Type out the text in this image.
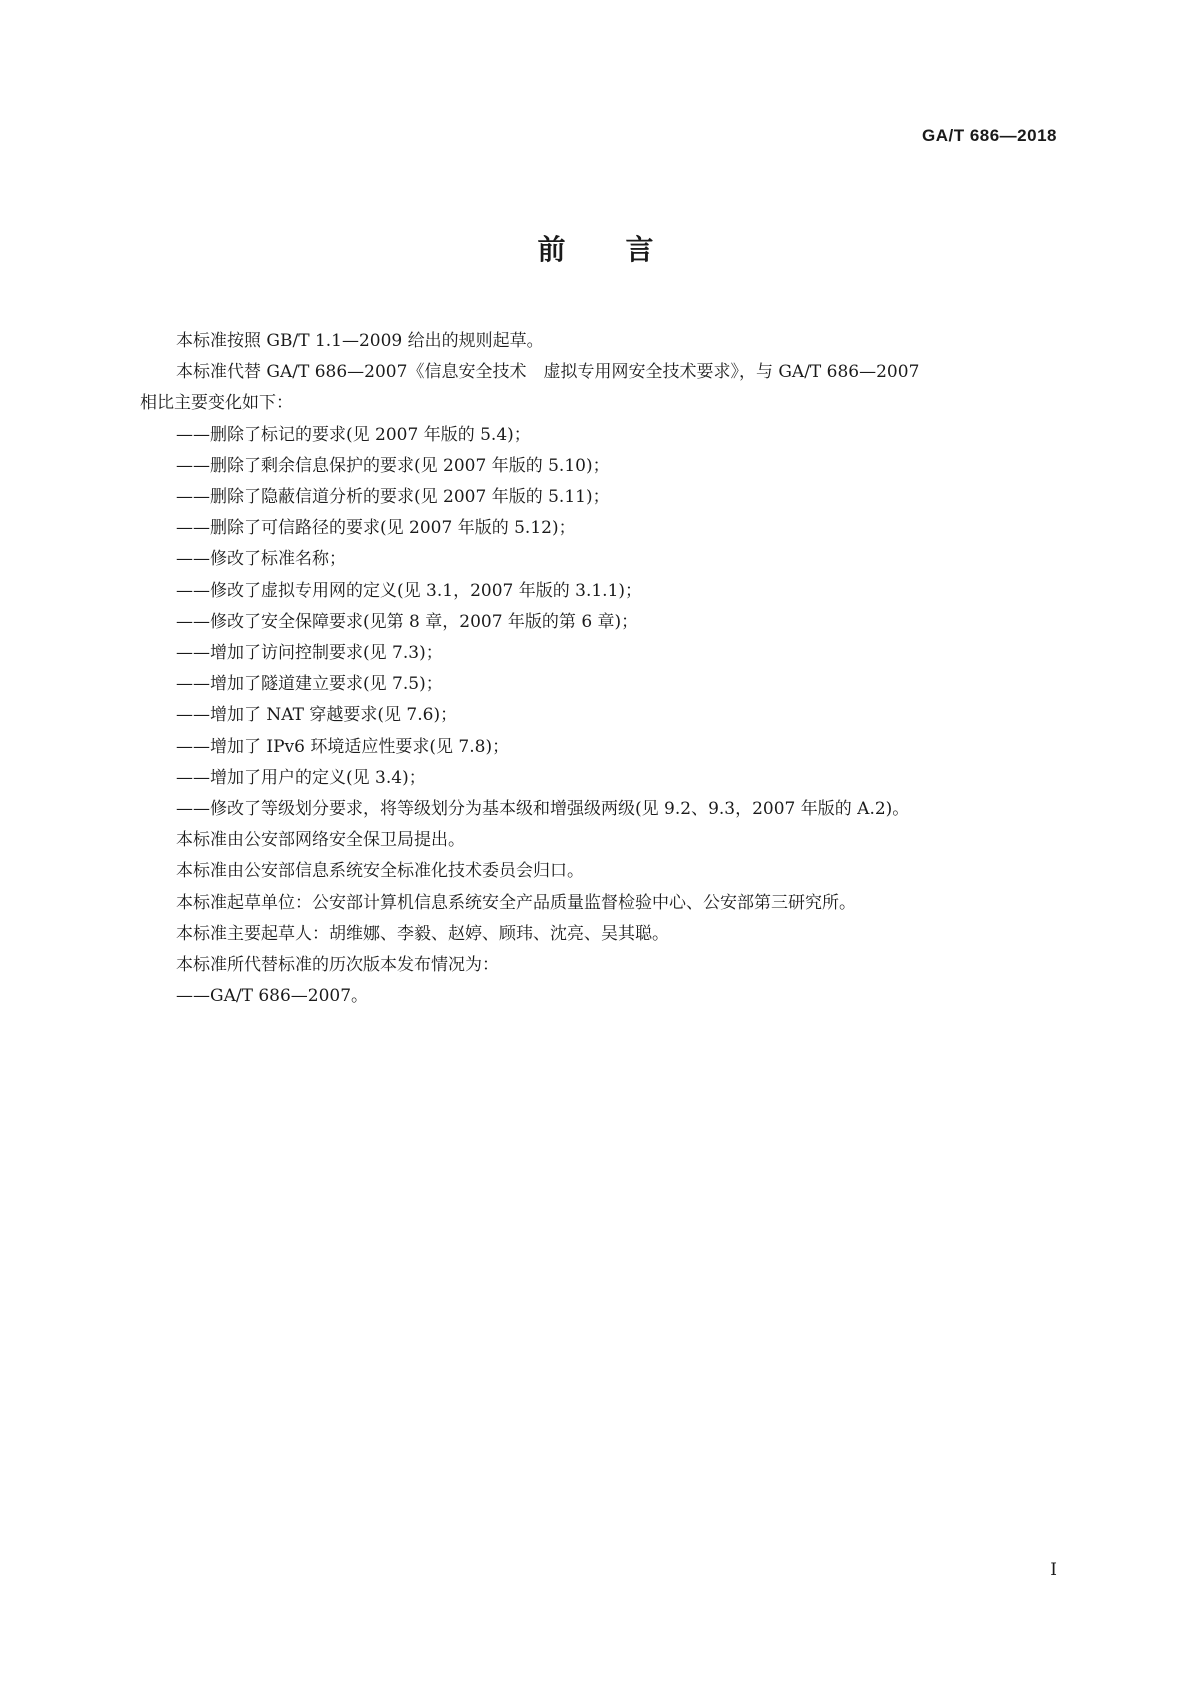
GA/T 686—2018
前言

本标准按照 GB/T 1.1—2009 给出的规则起草。

本标准代替 GA/T 686—2007《信息安全技术　虚拟专用网安全技术要求》，与 GA/T 686—2007

相比主要变化如下：

——删除了标记的要求(见 2007 年版的 5.4)；

——删除了剩余信息保护的要求(见 2007 年版的 5.10)；

——删除了隐蔽信道分析的要求(见 2007 年版的 5.11)；

——删除了可信路径的要求(见 2007 年版的 5.12)；

——修改了标准名称；

——修改了虚拟专用网的定义(见 3.1，2007 年版的 3.1.1)；

——修改了安全保障要求(见第 8 章，2007 年版的第 6 章)；

——增加了访问控制要求(见 7.3)；

——增加了隧道建立要求(见 7.5)；

——增加了 NAT 穿越要求(见 7.6)；

——增加了 IPv6 环境适应性要求(见 7.8)；

——增加了用户的定义(见 3.4)；

——修改了等级划分要求，将等级划分为基本级和增强级两级(见 9.2、9.3，2007 年版的 A.2)。

本标准由公安部网络安全保卫局提出。

本标准由公安部信息系统安全标准化技术委员会归口。

本标准起草单位：公安部计算机信息系统安全产品质量监督检验中心、公安部第三研究所。

本标准主要起草人：胡维娜、李毅、赵婷、顾玮、沈亮、吴其聪。

本标准所代替标准的历次版本发布情况为：

——GA/T 686—2007。

I
